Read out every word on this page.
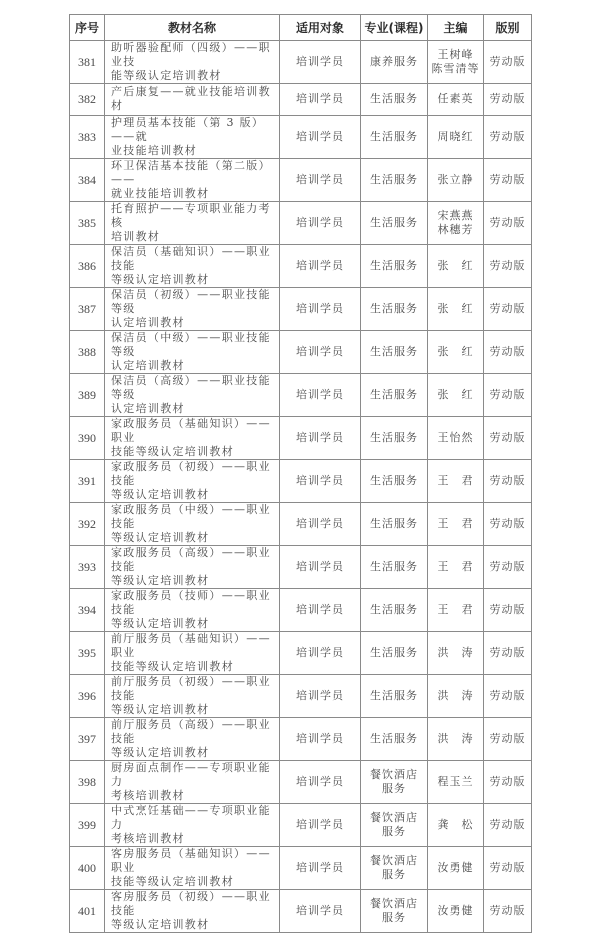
序号	教材名称	适用对象	专业(课程)	主编	版别

381	助听器验配师（四级）——职业技
能等级认定培训教材	培训学员	康养服务	王树峰
陈雪清等	劳动版

382	产后康复——就业技能培训教材	培训学员	生活服务	任素英	劳动版

383	护理员基本技能（第 3 版）——就
业技能培训教材	培训学员	生活服务	周晓红	劳动版

384	环卫保洁基本技能（第二版）——
就业技能培训教材	培训学员	生活服务	张立静	劳动版

385	托育照护——专项职业能力考核
培训教材	培训学员	生活服务	宋燕燕
林穗芳	劳动版

386	保洁员（基础知识）——职业技能
等级认定培训教材	培训学员	生活服务	张　红	劳动版

387	保洁员（初级）——职业技能等级
认定培训教材	培训学员	生活服务	张　红	劳动版

388	保洁员（中级）——职业技能等级
认定培训教材	培训学员	生活服务	张　红	劳动版

389	保洁员（高级）——职业技能等级
认定培训教材	培训学员	生活服务	张　红	劳动版

390	家政服务员（基础知识）——职业
技能等级认定培训教材	培训学员	生活服务	王怡然	劳动版

391	家政服务员（初级）——职业技能
等级认定培训教材	培训学员	生活服务	王　君	劳动版

392	家政服务员（中级）——职业技能
等级认定培训教材	培训学员	生活服务	王　君	劳动版

393	家政服务员（高级）——职业技能
等级认定培训教材	培训学员	生活服务	王　君	劳动版

394	家政服务员（技师）——职业技能
等级认定培训教材	培训学员	生活服务	王　君	劳动版

395	前厅服务员（基础知识）——职业
技能等级认定培训教材	培训学员	生活服务	洪　涛	劳动版

396	前厅服务员（初级）——职业技能
等级认定培训教材	培训学员	生活服务	洪　涛	劳动版

397	前厅服务员（高级）——职业技能
等级认定培训教材	培训学员	生活服务	洪　涛	劳动版

398	厨房面点制作——专项职业能力
考核培训教材	培训学员	餐饮酒店
服务	程玉兰	劳动版

399	中式烹饪基础——专项职业能力
考核培训教材	培训学员	餐饮酒店
服务	龚　松	劳动版

400	客房服务员（基础知识）——职业
技能等级认定培训教材	培训学员	餐饮酒店
服务	汝勇健	劳动版

401	客房服务员（初级）——职业技能
等级认定培训教材	培训学员	餐饮酒店
服务	汝勇健	劳动版
